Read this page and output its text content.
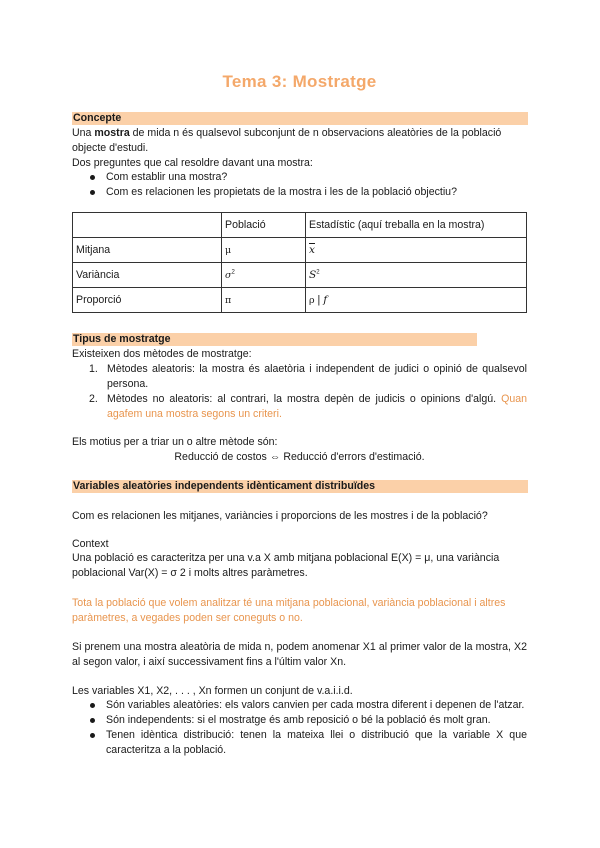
Tema 3: Mostratge
Concepte

Una mostra de mida n és qualsevol subconjunt de n observacions aleatòries de la població objecte d'estudi.

Dos preguntes que cal resoldre davant una mostra:

Com establir una mostra?
Com es relacionen les propietats de la mostra i les de la població objectiu?
	Població	Estadístic (aquí treballa en la mostra)
Mitjana	μ	$\overline{x}$
Variància	$\sigma^2$	$S^2$
Proporció	π	ρ | f
Tipus de mostratge

Existeixen dos mètodes de mostratge:

1. Mètodes aleatoris: la mostra és alaetòria i independent de judici o opinió de qualsevol persona.
2. Mètodes no aleatoris: al contrari, la mostra depèn de judicis o opinions d'algú. Quan agafem una mostra segons un criteri.

Els motius per a triar un o altre mètode són:

Reducció de costos ⇔ Reducció d'errors d'estimació.

Variables aleatòries independents idènticament distribuïdes

Com es relacionen les mitjanes, variàncies i proporcions de les mostres i de la població?

Context

Una població es caracteritza per una v.a X amb mitjana poblacional E(X) = μ, una variància poblacional Var(X) = σ 2 i molts altres paràmetres.

Tota la població que volem analitzar té una mitjana poblacional, variància poblacional i altres paràmetres, a vegades poden ser coneguts o no.

Si prenem una mostra aleatòria de mida n, podem anomenar X1 al primer valor de la mostra, X2 al segon valor, i així successivament fins a l'últim valor Xn.

Les variables X1, X2, . . . , Xn formen un conjunt de v.a.i.i.d.

Són variables aleatòries: els valors canvien per cada mostra diferent i depenen de l'atzar.
Són independents: si el mostratge és amb reposició o bé la població és molt gran.
Tenen idèntica distribució: tenen la mateixa llei o distribució que la variable X que caracteritza a la població.
